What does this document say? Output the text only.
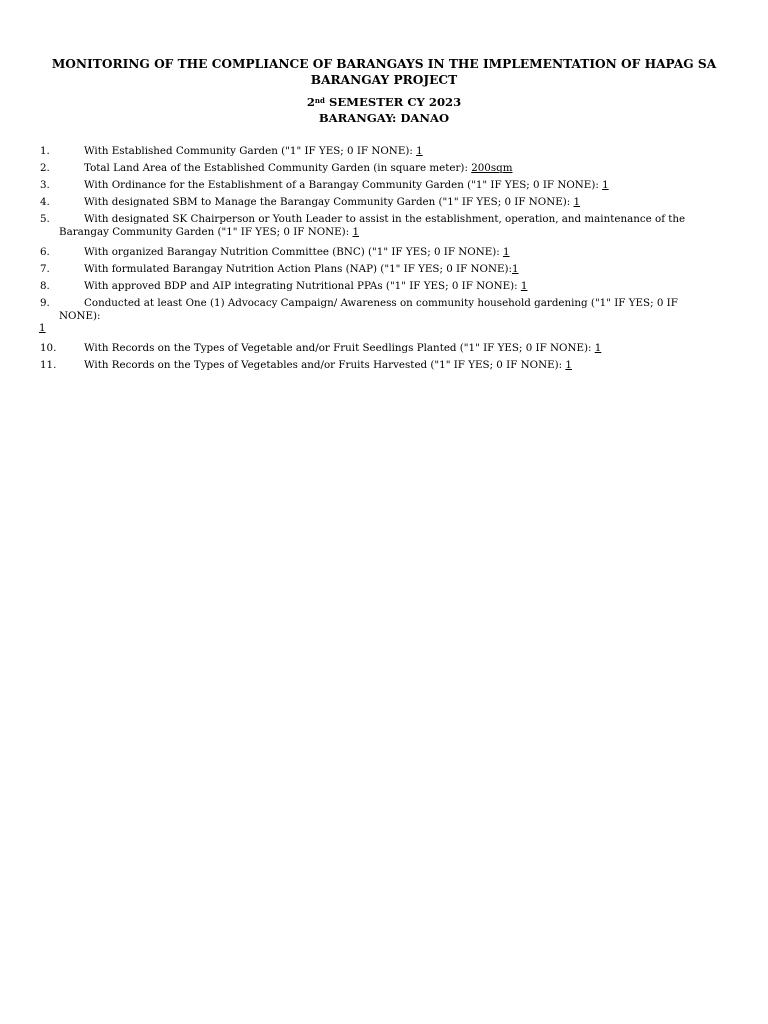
MONITORING OF THE COMPLIANCE OF BARANGAYS IN THE IMPLEMENTATION OF HAPAG SA
BARANGAY PROJECT
2nd SEMESTER CY 2023
BARANGAY: DANAO
1.	With Established Community Garden ("1" IF YES; 0 IF NONE): 1
2.	Total Land Area of the Established Community Garden (in square meter): 200sqm
3.	With Ordinance for the Establishment of a Barangay Community Garden ("1" IF YES; 0 IF NONE): 1
4.	With designated SBM to Manage the Barangay Community Garden ("1" IF YES; 0 IF NONE): 1
5.	With designated SK Chairperson or Youth Leader to assist in the establishment, operation, and maintenance of the
Barangay Community Garden ("1" IF YES; 0 IF NONE): 1
6.	With organized Barangay Nutrition Committee (BNC) ("1" IF YES; 0 IF NONE): 1
7.	With formulated Barangay Nutrition Action Plans (NAP) ("1" IF YES; 0 IF NONE):1
8.	With approved BDP and AIP integrating Nutritional PPAs ("1" IF YES; 0 IF NONE): 1
9.	Conducted at least One (1) Advocacy Campaign/ Awareness on community household gardening ("1" IF YES; 0 IF
NONE):
1
10.	With Records on the Types of Vegetable and/or Fruit Seedlings Planted ("1" IF YES; 0 IF NONE): 1
11.	With Records on the Types of Vegetables and/or Fruits Harvested ("1" IF YES; 0 IF NONE): 1
